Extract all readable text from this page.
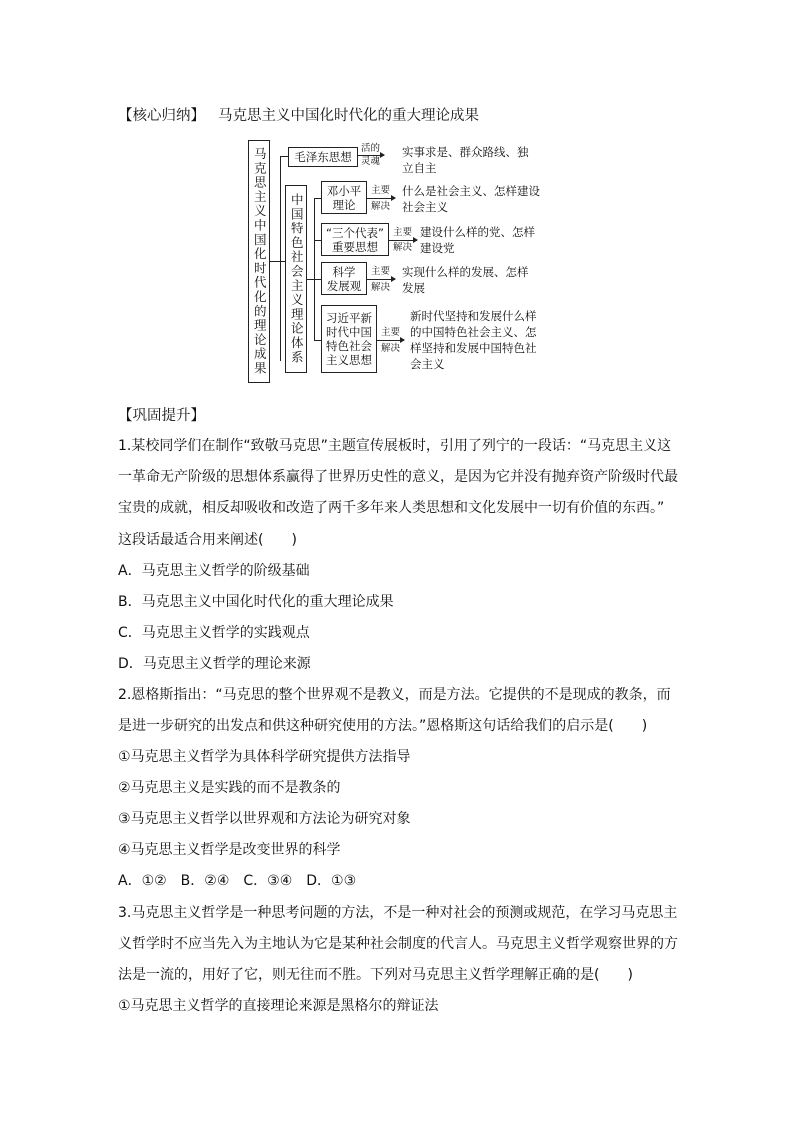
【核心归纳】 马克思主义中国化时代化的重大理论成果
马克思主义中国化时代化的理论成果	毛泽东思想
活的
灵魂
实事求是、群众路线、独立自主
中国特色社会主义理论体系
邓小平
理论
主要
解决
什么是社会主义、怎样建设社会主义
“三个代表”
重要思想
主要
解决
建设什么样的党、怎样建设党
科学
发展观
主要
解决
实现什么样的发展、怎样发展
习近平新
时代中国
特色社会
主义思想
主要
解决
新时代坚持和发展什么样的中国特色社会主义、怎样坚持和发展中国特色社会主义
【巩固提升】
1.某校同学们在制作“致敬马克思”主题宣传展板时，引用了列宁的一段话：“马克思主义这
一革命无产阶级的思想体系赢得了世界历史性的意义，是因为它并没有抛弃资产阶级时代最
宝贵的成就，相反却吸收和改造了两千多年来人类思想和文化发展中一切有价值的东西。”
这段话最适合用来阐述(　　)
A．马克思主义哲学的阶级基础
B．马克思主义中国化时代化的重大理论成果
C．马克思主义哲学的实践观点
D．马克思主义哲学的理论来源
2.恩格斯指出：“马克思的整个世界观不是教义，而是方法。它提供的不是现成的教条，而
是进一步研究的出发点和供这种研究使用的方法。”恩格斯这句话给我们的启示是(　　)
①马克思主义哲学为具体科学研究提供方法指导
②马克思主义是实践的而不是教条的
③马克思主义哲学以世界观和方法论为研究对象
④马克思主义哲学是改变世界的科学
A．①②　B．②④　C．③④　D．①③
3.马克思主义哲学是一种思考问题的方法，不是一种对社会的预测或规范，在学习马克思主
义哲学时不应当先入为主地认为它是某种社会制度的代言人。马克思主义哲学观察世界的方
法是一流的，用好了它，则无往而不胜。下列对马克思主义哲学理解正确的是(　　)
①马克思主义哲学的直接理论来源是黑格尔的辩证法
